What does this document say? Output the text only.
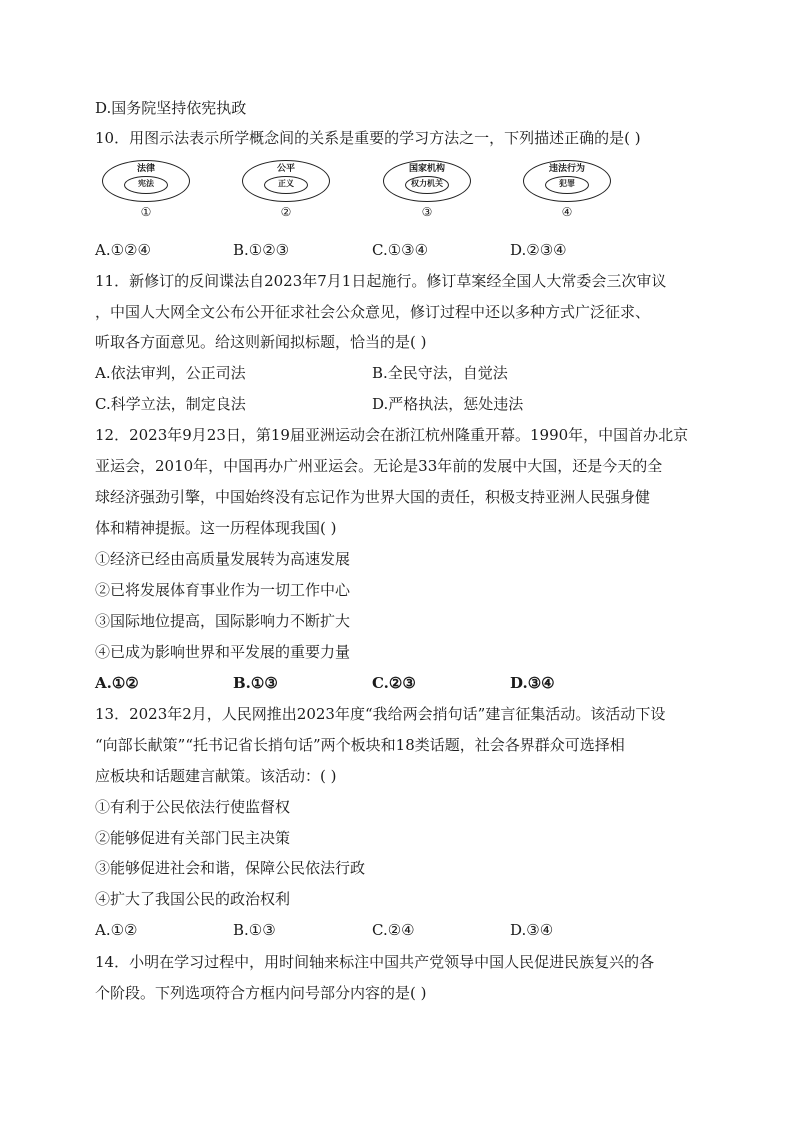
D.国务院坚持依宪执政
10．用图示法表示所学概念间的关系是重要的学习方法之一，下列描述正确的是( )
法律
宪法
①
公平
正义
②
国家机构
权力机关
③
违法行为
犯罪
④
A.①②④	B.①②③	C.①③④	D.②③④
11．新修订的反间谍法自2023年7月1日起施行。修订草案经全国人大常委会三次审议
，中国人大网全文公布公开征求社会公众意见，修订过程中还以多种方式广泛征求、
听取各方面意见。给这则新闻拟标题，恰当的是( )
A.依法审判，公正司法	B.全民守法，自觉法
C.科学立法，制定良法	D.严格执法，惩处违法
12．2023年9月23日，第19届亚洲运动会在浙江杭州隆重开幕。1990年，中国首办北京
亚运会，2010年，中国再办广州亚运会。无论是33年前的发展中大国，还是今天的全
球经济强劲引擎，中国始终没有忘记作为世界大国的责任，积极支持亚洲人民强身健
体和精神提振。这一历程体现我国( )
①经济已经由高质量发展转为高速发展
②已将发展体育事业作为一切工作中心
③国际地位提高，国际影响力不断扩大
④已成为影响世界和平发展的重要力量
A.①②	B.①③	C.②③	D.③④
13．2023年2月，人民网推出2023年度“我给两会捎句话”建言征集活动。该活动下设
“向部长献策”“托书记省长捎句话”两个板块和18类话题，社会各界群众可选择相
应板块和话题建言献策。该活动：( )
①有利于公民依法行使监督权
②能够促进有关部门民主决策
③能够促进社会和谐，保障公民依法行政
④扩大了我国公民的政治权利
A.①②	B.①③	C.②④	D.③④
14．小明在学习过程中，用时间轴来标注中国共产党领导中国人民促进民族复兴的各
个阶段。下列选项符合方框内问号部分内容的是( )
